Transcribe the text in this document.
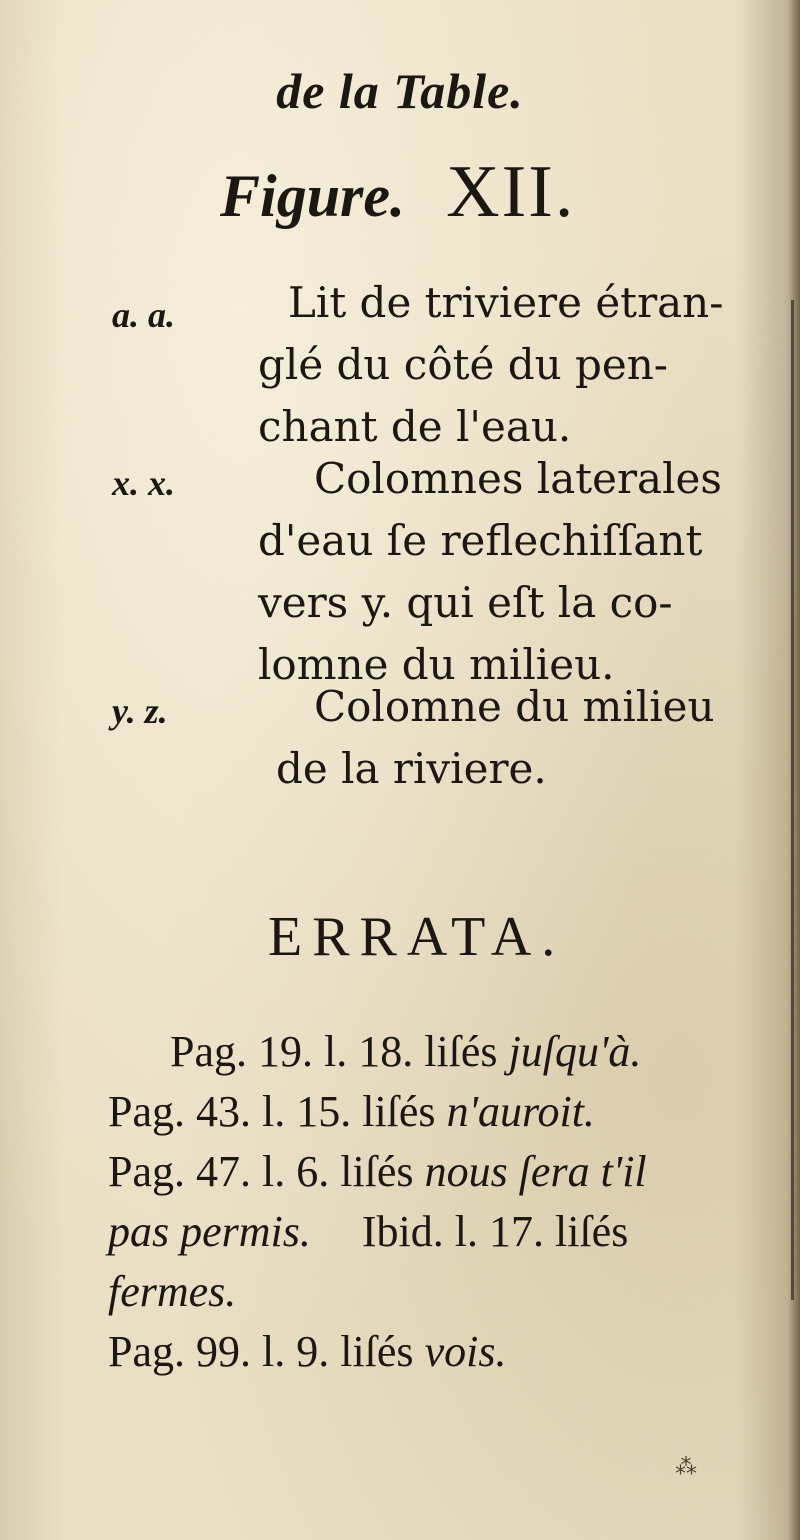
de la Table.
Figure. XII.
a. a.	Lit de triviere étran-
glé du côté du pen-
chant de l'eau.
x. x.	Colomnes laterales
d'eau ſe reflechiſſant
vers y. qui eſt la co-
lomne du milieu.
y. z.	Colomne du milieu
de la riviere.
ERRATA.
Pag. 19. l. 18. liſés juſqu'à.
Pag. 43. l. 15. liſés n'auroit.
Pag. 47. l. 6. liſés nous ſera t'il
pas permis. Ibid. l. 17. liſés
fermes.
Pag. 99. l. 9. liſés vois.
⁂
